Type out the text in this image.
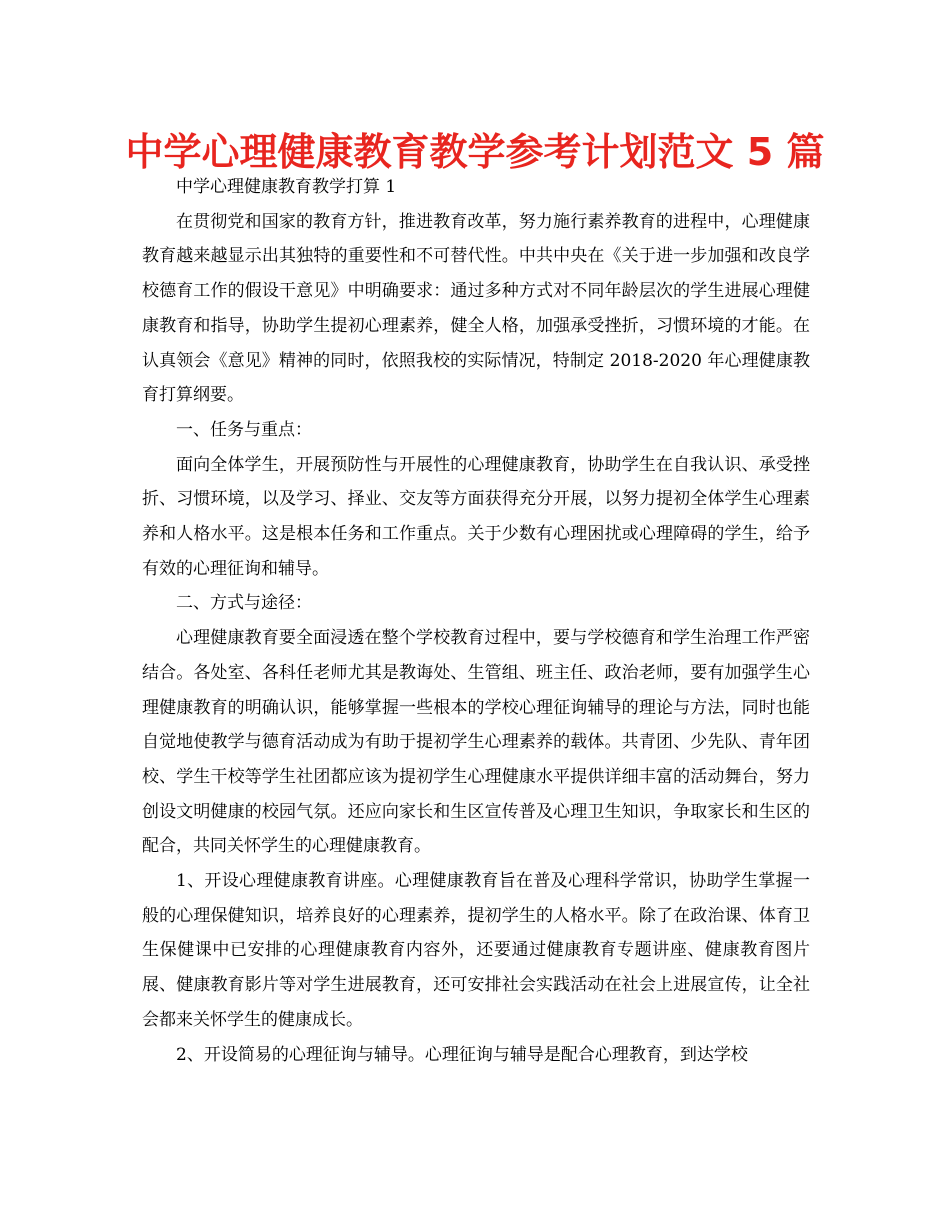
中学心理健康教育教学参考计划范文 5 篇

中学心理健康教育教学打算 1

在贯彻党和国家的教育方针，推进教育改革，努力施行素养教育的进程中，心理健康教育越来越显示出其独特的重要性和不可替代性。中共中央在《关于进一步加强和改良学校德育工作的假设干意见》中明确要求：通过多种方式对不同年龄层次的学生进展心理健康教育和指导，协助学生提初心理素养，健全人格，加强承受挫折，习惯环境的才能。在认真领会《意见》精神的同时，依照我校的实际情况，特制定 2018-2020 年心理健康教育打算纲要。

一、任务与重点：

面向全体学生，开展预防性与开展性的心理健康教育，协助学生在自我认识、承受挫折、习惯环境，以及学习、择业、交友等方面获得充分开展，以努力提初全体学生心理素养和人格水平。这是根本任务和工作重点。关于少数有心理困扰或心理障碍的学生，给予有效的心理征询和辅导。

二、方式与途径：

心理健康教育要全面浸透在整个学校教育过程中，要与学校德育和学生治理工作严密结合。各处室、各科任老师尤其是教诲处、生管组、班主任、政治老师，要有加强学生心理健康教育的明确认识，能够掌握一些根本的学校心理征询辅导的理论与方法，同时也能自觉地使教学与德育活动成为有助于提初学生心理素养的载体。共青团、少先队、青年团校、学生干校等学生社团都应该为提初学生心理健康水平提供详细丰富的活动舞台，努力创设文明健康的校园气氛。还应向家长和生区宣传普及心理卫生知识，争取家长和生区的配合，共同关怀学生的心理健康教育。

1、开设心理健康教育讲座。心理健康教育旨在普及心理科学常识，协助学生掌握一般的心理保健知识，培养良好的心理素养，提初学生的人格水平。除了在政治课、体育卫生保健课中已安排的心理健康教育内容外，还要通过健康教育专题讲座、健康教育图片展、健康教育影片等对学生进展教育，还可安排社会实践活动在社会上进展宣传，让全社会都来关怀学生的健康成长。

2、开设简易的心理征询与辅导。心理征询与辅导是配合心理教育，到达学校
